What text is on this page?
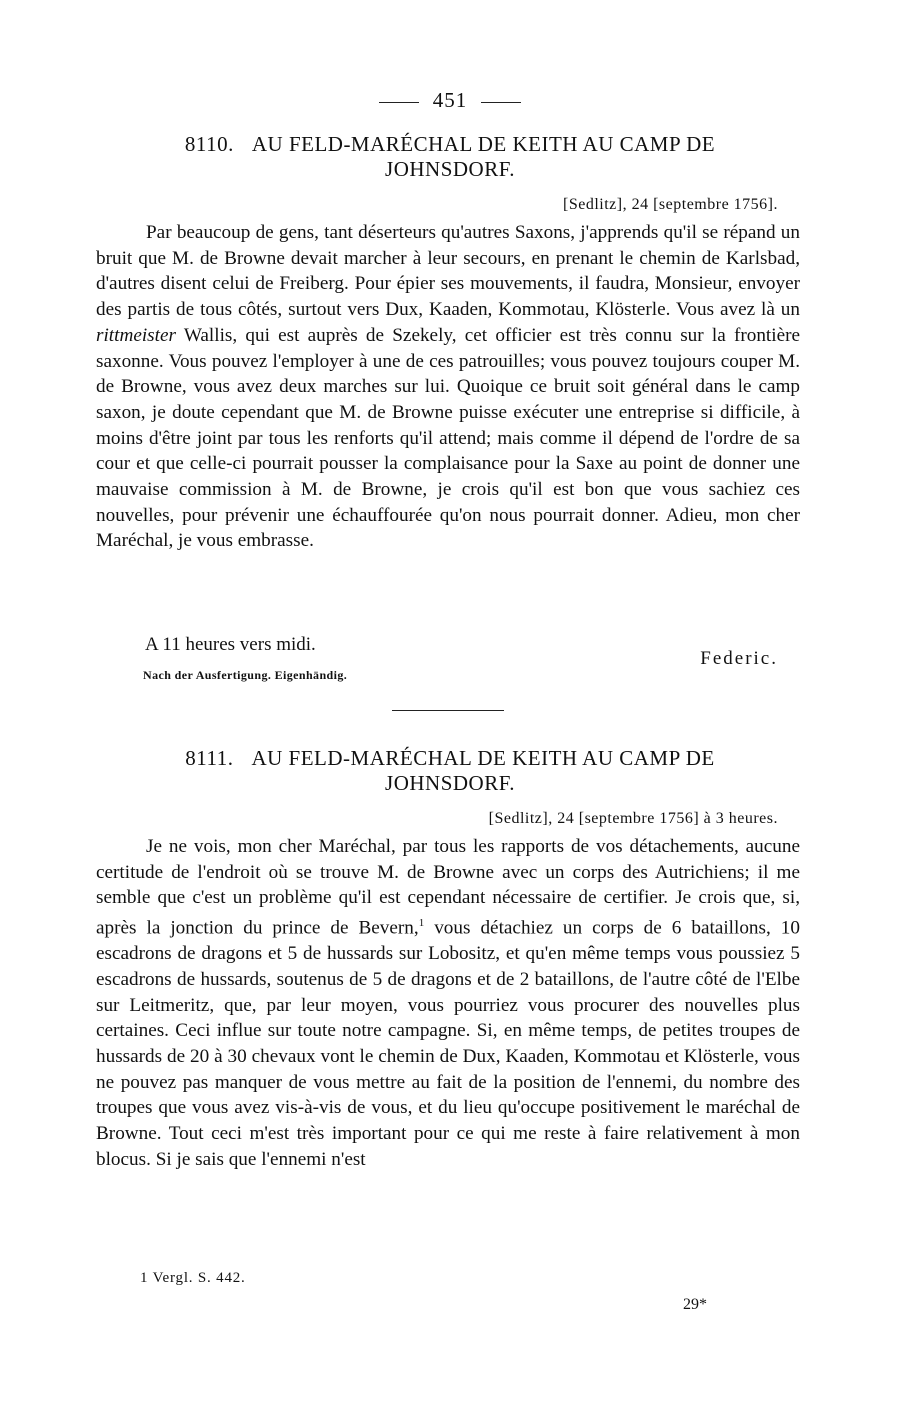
451
8110. AU FELD-MARÉCHAL DE KEITH AU CAMP DE
JOHNSDORF.
[Sedlitz], 24 [septembre 1756].

Par beaucoup de gens, tant déserteurs qu'autres Saxons, j'apprends qu'il se répand un bruit que M. de Browne devait marcher à leur secours, en prenant le chemin de Karlsbad, d'autres disent celui de Freiberg. Pour épier ses mouvements, il faudra, Monsieur, envoyer des partis de tous côtés, surtout vers Dux, Kaaden, Kommotau, Klösterle. Vous avez là un rittmeister Wallis, qui est auprès de Szekely, cet officier est très connu sur la frontière saxonne. Vous pouvez l'employer à une de ces patrouilles; vous pouvez toujours couper M. de Browne, vous avez deux marches sur lui. Quoique ce bruit soit général dans le camp saxon, je doute cependant que M. de Browne puisse exécuter une entreprise si difficile, à moins d'être joint par tous les renforts qu'il attend; mais comme il dépend de l'ordre de sa cour et que celle-ci pourrait pousser la complaisance pour la Saxe au point de donner une mauvaise commission à M. de Browne, je crois qu'il est bon que vous sachiez ces nouvelles, pour prévenir une échauffourée qu'on nous pourrait donner. Adieu, mon cher Maréchal, je vous embrasse.

A 11 heures vers midi.
Federic.
Nach der Ausfertigung. Eigenhändig.
8111. AU FELD-MARÉCHAL DE KEITH AU CAMP DE
JOHNSDORF.
[Sedlitz], 24 [septembre 1756] à 3 heures.

Je ne vois, mon cher Maréchal, par tous les rapports de vos détachements, aucune certitude de l'endroit où se trouve M. de Browne avec un corps des Autrichiens; il me semble que c'est un problème qu'il est cependant nécessaire de certifier. Je crois que, si, après la jonction du prince de Bevern,$^1$ vous détachiez un corps de 6 bataillons, 10 escadrons de dragons et 5 de hussards sur Lobositz, et qu'en même temps vous poussiez 5 escadrons de hussards, soutenus de 5 de dragons et de 2 bataillons, de l'autre côté de l'Elbe sur Leitmeritz, que, par leur moyen, vous pourriez vous procurer des nouvelles plus certaines. Ceci influe sur toute notre campagne. Si, en même temps, de petites troupes de hussards de 20 à 30 chevaux vont le chemin de Dux, Kaaden, Kommotau et Klösterle, vous ne pouvez pas manquer de vous mettre au fait de la position de l'ennemi, du nombre des troupes que vous avez vis-à-vis de vous, et du lieu qu'occupe positivement le maréchal de Browne. Tout ceci m'est très important pour ce qui me reste à faire relativement à mon blocus. Si je sais que l'ennemi n'est

1 Vergl. S. 442.
29*
